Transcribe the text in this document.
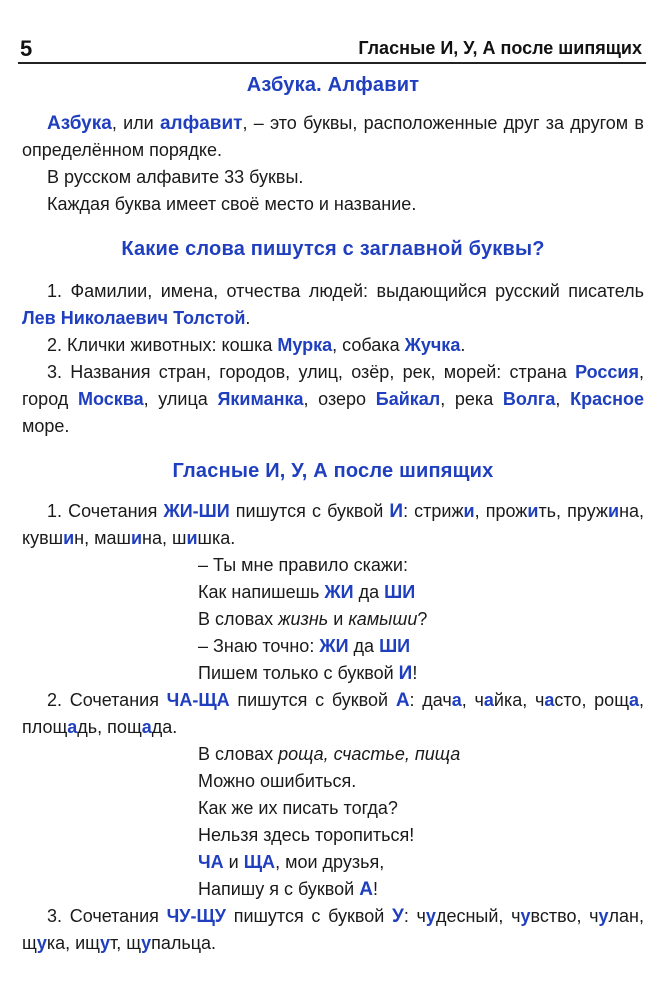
5	Гласные И, У, А после шипящих
Азбука. Алфавит

Азбука, или алфавит, – это буквы, расположенные друг за другом в определённом порядке.

В русском алфавите 33 буквы.

Каждая буква имеет своё место и название.

Какие слова пишутся с заглавной буквы?

1. Фамилии, имена, отчества людей: выдающийся русский писатель Лев Николаевич Толстой.

2. Клички животных: кошка Мурка, собака Жучка.

3. Названия стран, городов, улиц, озёр, рек, морей: страна Россия, город Москва, улица Якиманка, озеро Байкал, река Волга, Красное море.

Гласные И, У, А после шипящих

1. Сочетания ЖИ-ШИ пишутся с буквой И: стрижи, прожить, пружина, кувшин, машина, шишка.

– Ты мне правило скажи:

Как напишешь ЖИ да ШИ

В словах жизнь и камыши?

– Знаю точно: ЖИ да ШИ

Пишем только с буквой И!

2. Сочетания ЧА-ЩА пишутся с буквой А: дача, чайка, часто, роща, площадь, пощада.

В словах роща, счастье, пища

Можно ошибиться.

Как же их писать тогда?

Нельзя здесь торопиться!

ЧА и ЩА, мои друзья,

Напишу я с буквой А!

3. Сочетания ЧУ-ЩУ пишутся с буквой У: чудесный, чувство, чулан, щука, ищут, щупальца.
